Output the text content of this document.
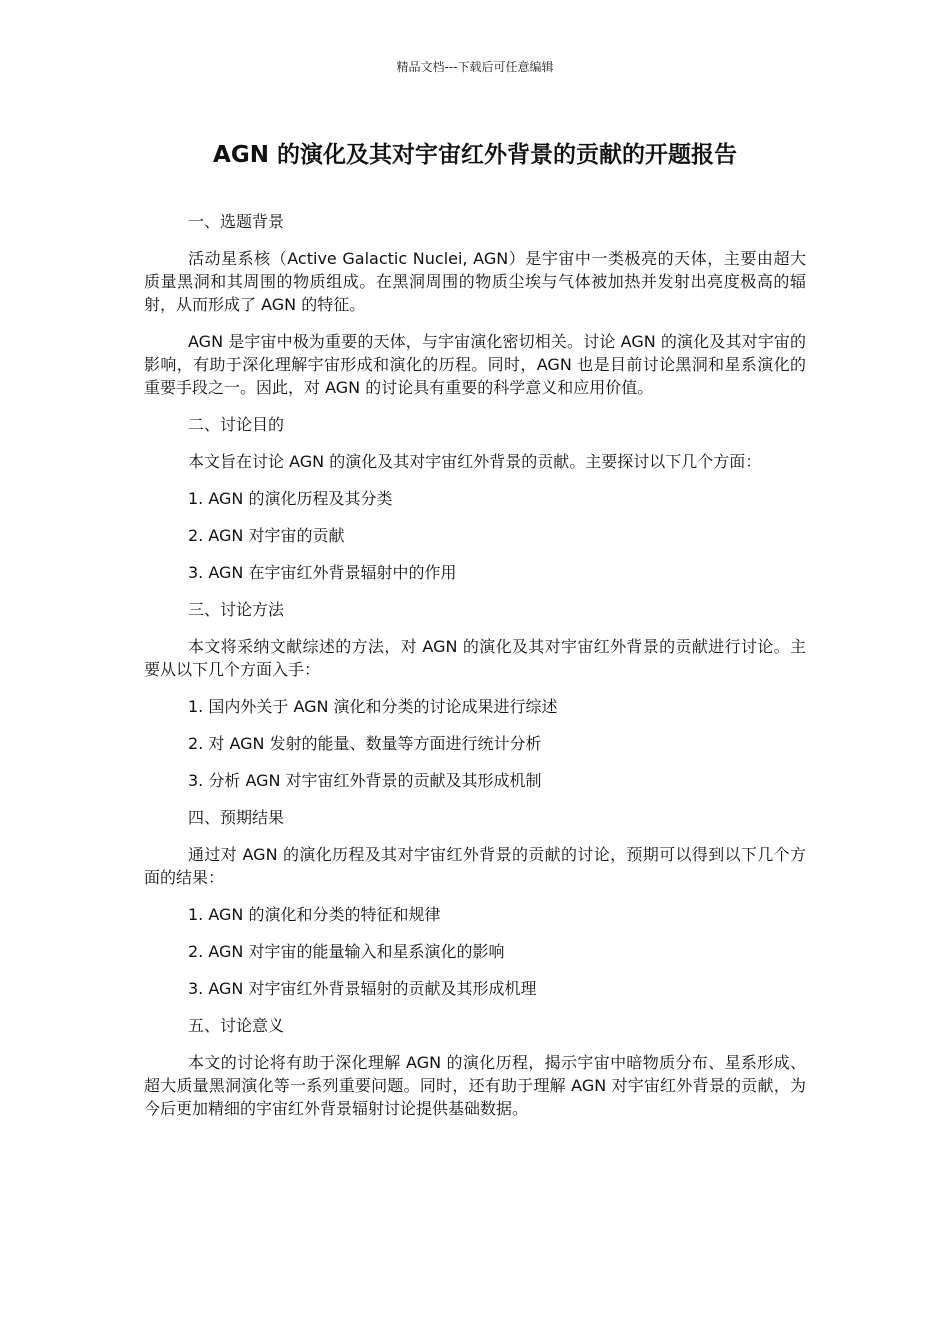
精品文档---下载后可任意编辑
AGN 的演化及其对宇宙红外背景的贡献的开题报告

一、选题背景

活动星系核（Active Galactic Nuclei, AGN）是宇宙中一类极亮的天体，主要由超大质量黑洞和其周围的物质组成。在黑洞周围的物质尘埃与气体被加热并发射出亮度极高的辐射，从而形成了 AGN 的特征。

AGN 是宇宙中极为重要的天体，与宇宙演化密切相关。讨论 AGN 的演化及其对宇宙的影响，有助于深化理解宇宙形成和演化的历程。同时，AGN 也是目前讨论黑洞和星系演化的重要手段之一。因此，对 AGN 的讨论具有重要的科学意义和应用价值。

二、讨论目的

本文旨在讨论 AGN 的演化及其对宇宙红外背景的贡献。主要探讨以下几个方面：

1. AGN 的演化历程及其分类

2. AGN 对宇宙的贡献

3. AGN 在宇宙红外背景辐射中的作用

三、讨论方法

本文将采纳文献综述的方法，对 AGN 的演化及其对宇宙红外背景的贡献进行讨论。主要从以下几个方面入手：

1. 国内外关于 AGN 演化和分类的讨论成果进行综述

2. 对 AGN 发射的能量、数量等方面进行统计分析

3. 分析 AGN 对宇宙红外背景的贡献及其形成机制

四、预期结果

通过对 AGN 的演化历程及其对宇宙红外背景的贡献的讨论，预期可以得到以下几个方面的结果：

1. AGN 的演化和分类的特征和规律

2. AGN 对宇宙的能量输入和星系演化的影响

3. AGN 对宇宙红外背景辐射的贡献及其形成机理

五、讨论意义

本文的讨论将有助于深化理解 AGN 的演化历程，揭示宇宙中暗物质分布、星系形成、超大质量黑洞演化等一系列重要问题。同时，还有助于理解 AGN 对宇宙红外背景的贡献，为今后更加精细的宇宙红外背景辐射讨论提供基础数据。
